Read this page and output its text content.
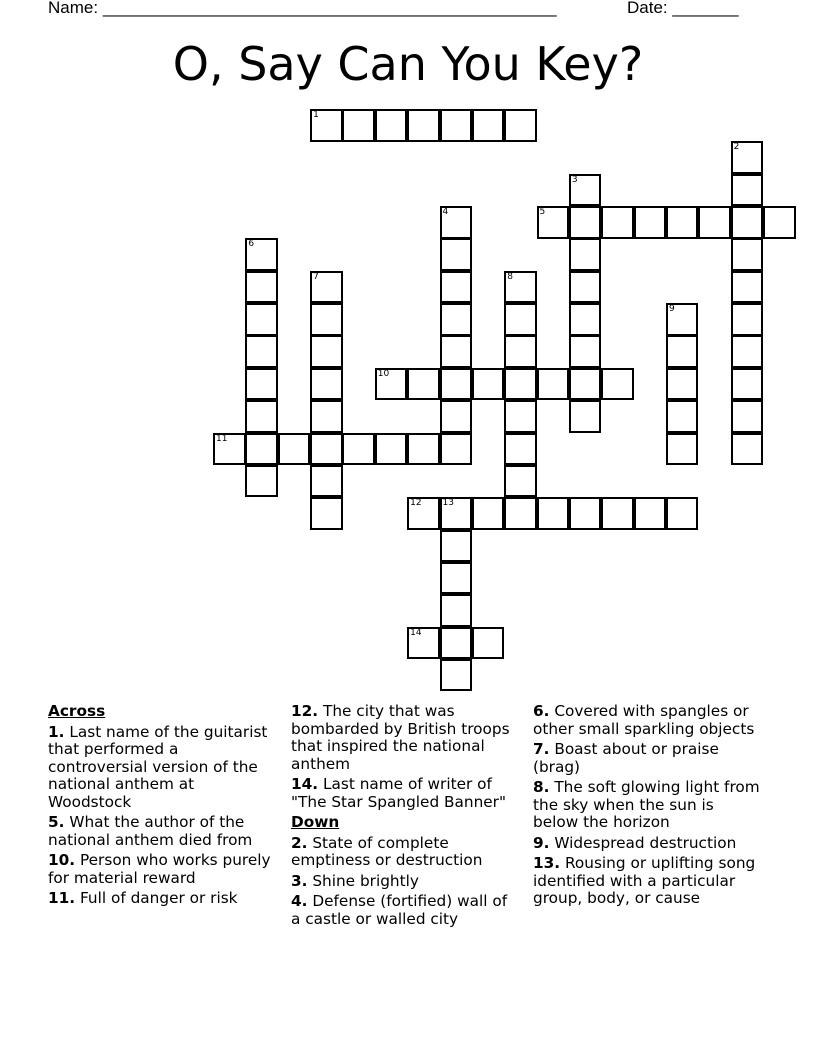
Name: ________________________________________________	Date: _______
O, Say Can You Key?
1
2
3
4	5
6
7	8
9
10
11
12 13
14
Across
1. Last name of the guitarist that performed a controversial version of the national anthem at Woodstock
5. What the author of the national anthem died from
10. Person who works purely for material reward
11. Full of danger or risk
12. The city that was bombarded by British troops that inspired the national anthem
14. Last name of writer of "The Star Spangled Banner"
Down
2. State of complete emptiness or destruction
3. Shine brightly
4. Defense (fortified) wall of a castle or walled city
6. Covered with spangles or other small sparkling objects
7. Boast about or praise (brag)
8. The soft glowing light from the sky when the sun is below the horizon
9. Widespread destruction
13. Rousing or uplifting song identified with a particular group, body, or cause
